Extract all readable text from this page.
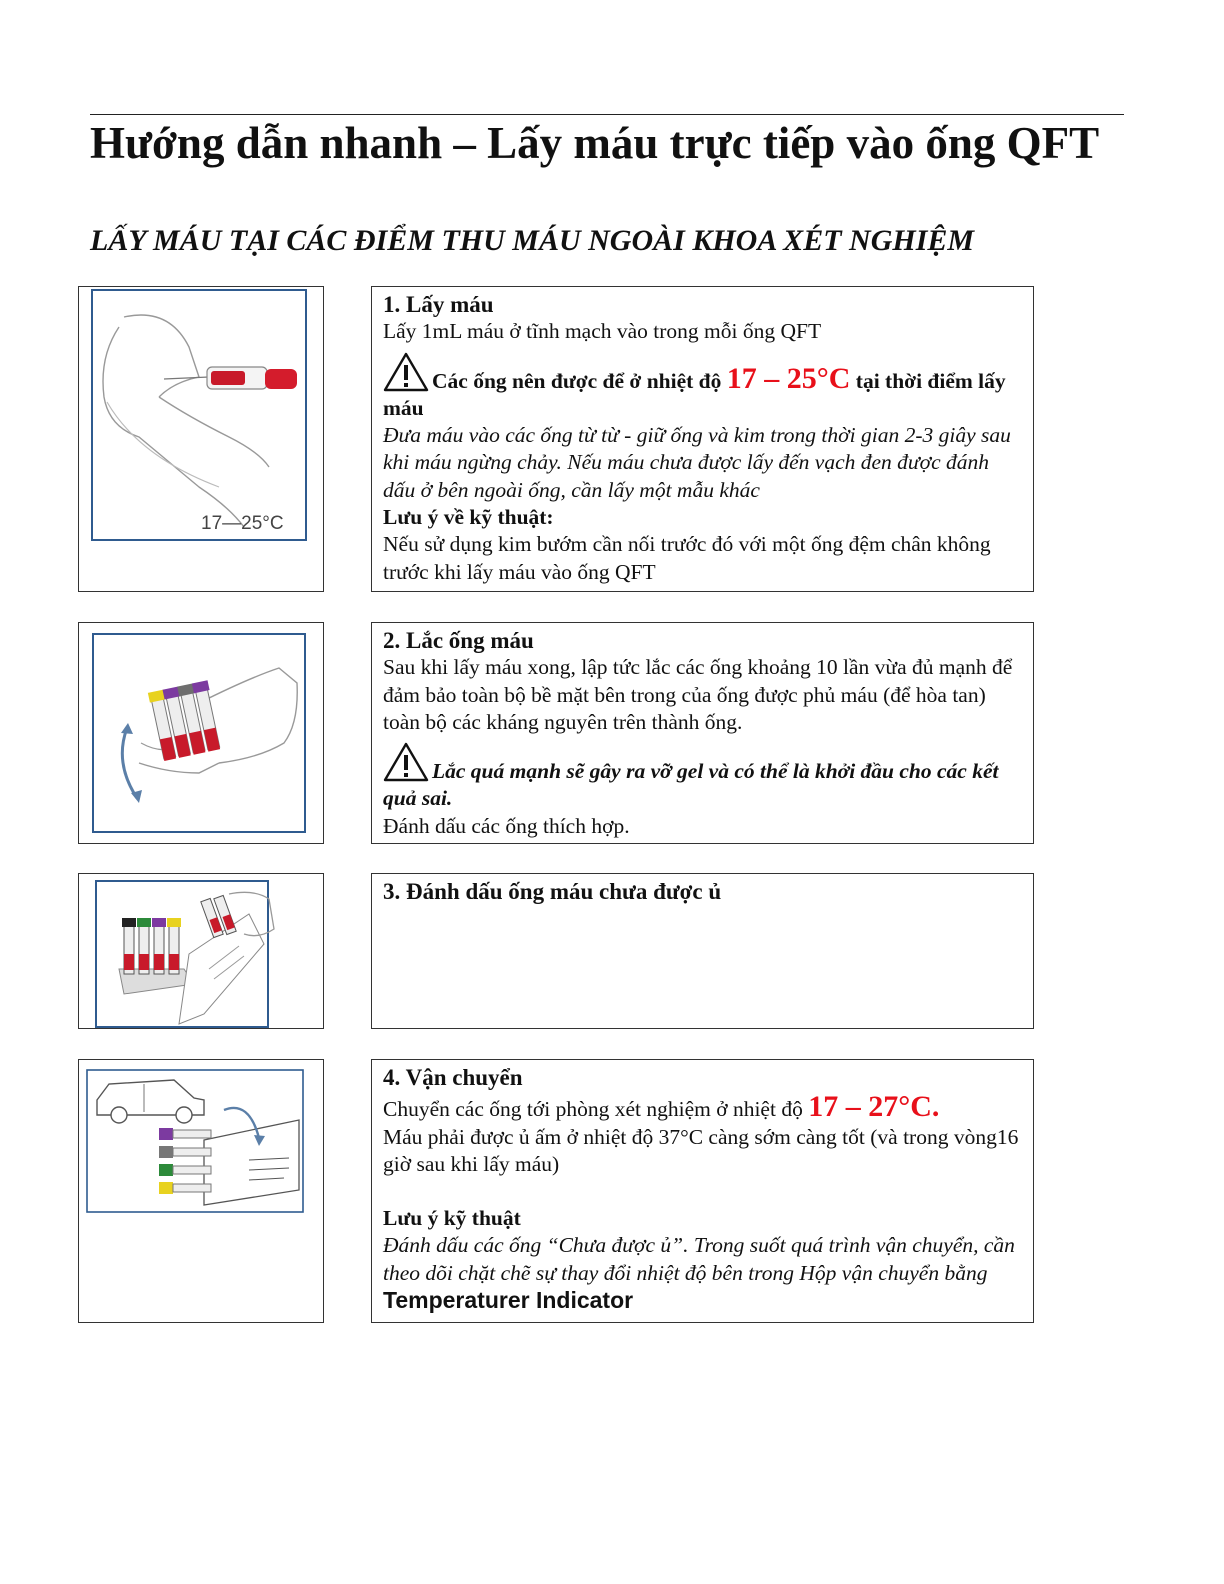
Hướng dẫn nhanh – Lấy máu trực tiếp vào ống QFT
LẤY MÁU TẠI CÁC ĐIỂM THU MÁU NGOÀI KHOA XÉT NGHIỆM
17—25°C
1. Lấy máu
Lấy 1mL máu ở tĩnh mạch vào trong mỗi ống QFT
Các ống nên được để ở nhiệt độ 17 – 25°C tại thời điểm lấy máu
Đưa máu vào các ống từ từ - giữ ống và kim trong thời gian 2-3 giây sau khi máu ngừng chảy. Nếu máu chưa được lấy đến vạch đen được đánh dấu ở bên ngoài ống, cần lấy một mẫu khác
Lưu ý về kỹ thuật:
Nếu sử dụng kim bướm cần nối trước đó với một ống đệm chân không trước khi lấy máu vào ống QFT
2. Lắc ống máu
Sau khi lấy máu xong, lập tức lắc các ống khoảng 10 lần vừa đủ mạnh để đảm bảo toàn bộ bề mặt bên trong của ống được phủ máu (để hòa tan) toàn bộ các kháng nguyên trên thành ống.
Lắc quá mạnh sẽ gây ra vỡ gel và có thể là khởi đầu cho các kết quả sai.
Đánh dấu các ống thích hợp.
3. Đánh dấu ống máu chưa được ủ
4. Vận chuyển
Chuyển các ống tới phòng xét nghiệm ở nhiệt độ 17 – 27°C.
Máu phải được ủ ấm ở nhiệt độ 37°C càng sớm càng tốt (và trong vòng16 giờ sau khi lấy máu)
Lưu ý kỹ thuật
Đánh dấu các ống “Chưa được ủ”. Trong suốt quá trình vận chuyển, cần theo dõi chặt chẽ sự thay đổi nhiệt độ bên trong Hộp vận chuyển bằng Temperaturer Indicator
